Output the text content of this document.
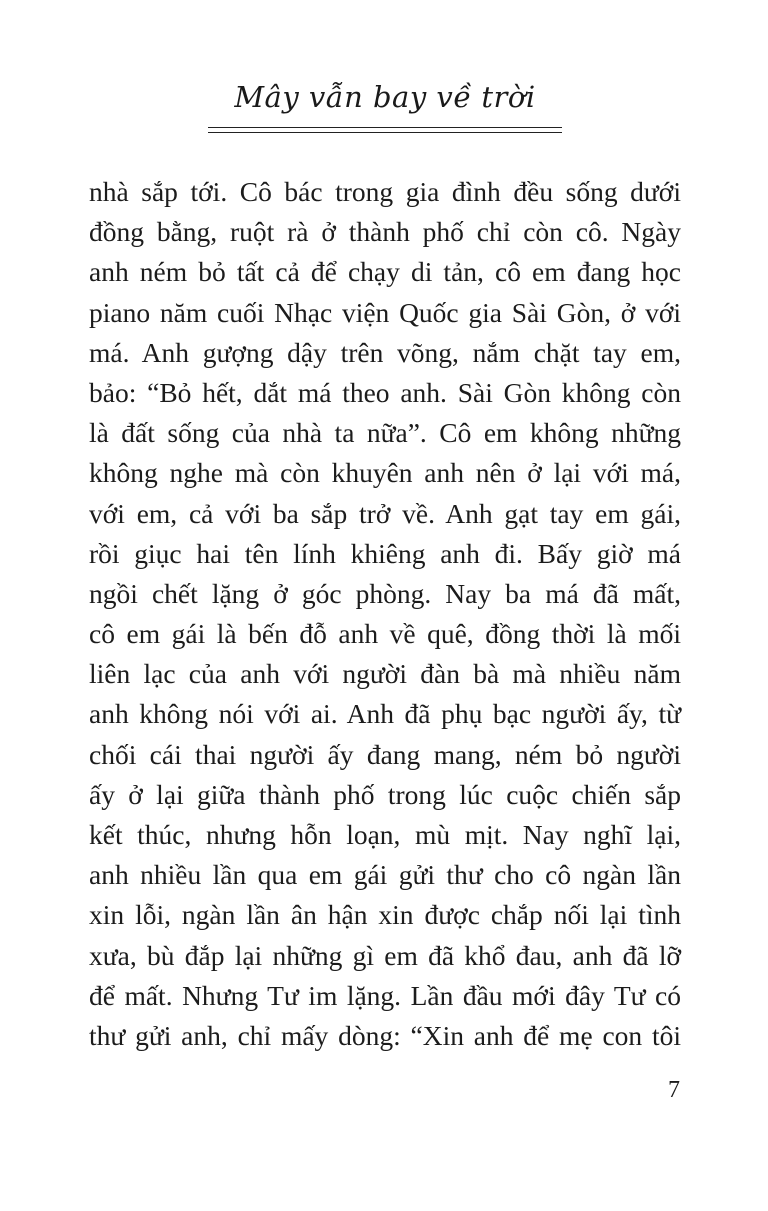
Mây vẫn bay về trời
nhà sắp tới. Cô bác trong gia đình đều sống dưới
đồng bằng, ruột rà ở thành phố chỉ còn cô. Ngày
anh ném bỏ tất cả để chạy di tản, cô em đang học
piano năm cuối Nhạc viện Quốc gia Sài Gòn, ở với
má. Anh gượng dậy trên võng, nắm chặt tay em,
bảo: “Bỏ hết, dắt má theo anh. Sài Gòn không còn
là đất sống của nhà ta nữa”. Cô em không những
không nghe mà còn khuyên anh nên ở lại với má,
với em, cả với ba sắp trở về. Anh gạt tay em gái,
rồi giục hai tên lính khiêng anh đi. Bấy giờ má
ngồi chết lặng ở góc phòng. Nay ba má đã mất,
cô em gái là bến đỗ anh về quê, đồng thời là mối
liên lạc của anh với người đàn bà mà nhiều năm
anh không nói với ai. Anh đã phụ bạc người ấy, từ
chối cái thai người ấy đang mang, ném bỏ người
ấy ở lại giữa thành phố trong lúc cuộc chiến sắp
kết thúc, nhưng hỗn loạn, mù mịt. Nay nghĩ lại,
anh nhiều lần qua em gái gửi thư cho cô ngàn lần
xin lỗi, ngàn lần ân hận xin được chắp nối lại tình
xưa, bù đắp lại những gì em đã khổ đau, anh đã lỡ
để mất. Nhưng Tư im lặng. Lần đầu mới đây Tư có
thư gửi anh, chỉ mấy dòng: “Xin anh để mẹ con tôi
7
